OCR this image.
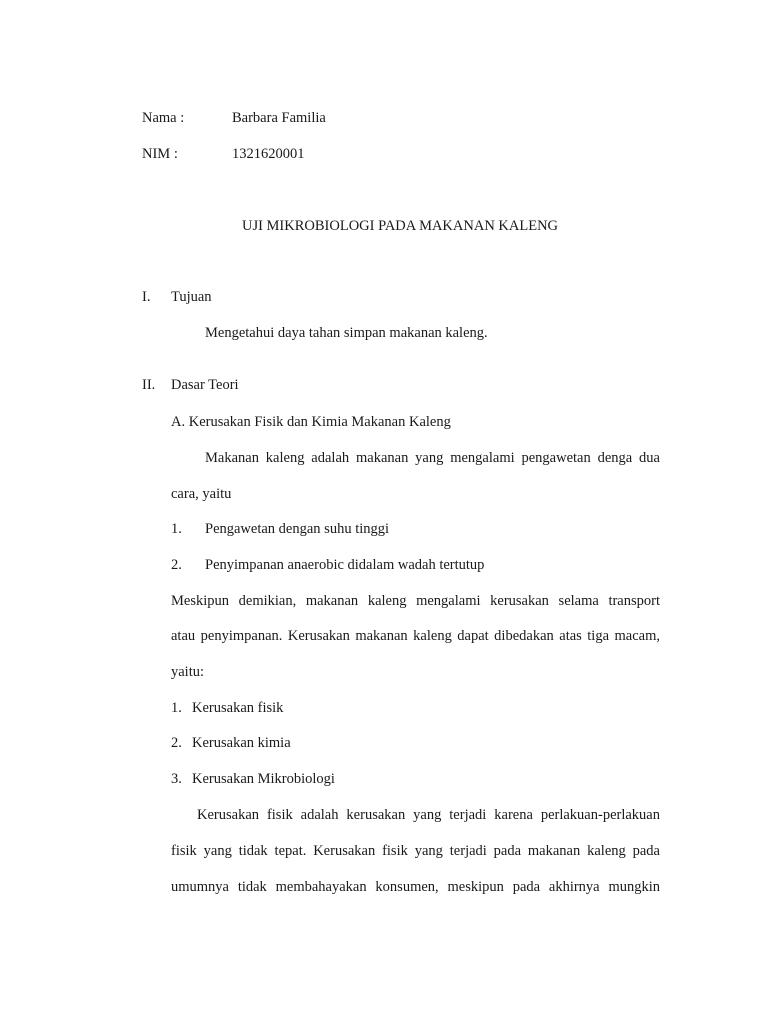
Nama :	Barbara Familia
NIM :	1321620001
UJI MIKROBIOLOGI PADA MAKANAN KALENG
I. Tujuan
Mengetahui daya tahan simpan makanan kaleng.
II. Dasar Teori
A. Kerusakan Fisik dan Kimia Makanan Kaleng
Makanan kaleng adalah makanan yang mengalami pengawetan denga dua
cara, yaitu
1. Pengawetan dengan suhu tinggi
2. Penyimpanan anaerobic didalam wadah tertutup
Meskipun demikian, makanan kaleng mengalami kerusakan selama transport
atau penyimpanan. Kerusakan makanan kaleng dapat dibedakan atas tiga macam,
yaitu:
1. Kerusakan fisik
2. Kerusakan kimia
3. Kerusakan Mikrobiologi
Kerusakan fisik adalah kerusakan yang terjadi karena perlakuan-perlakuan
fisik yang tidak tepat. Kerusakan fisik yang terjadi pada makanan kaleng pada
umumnya tidak membahayakan konsumen, meskipun pada akhirnya mungkin
